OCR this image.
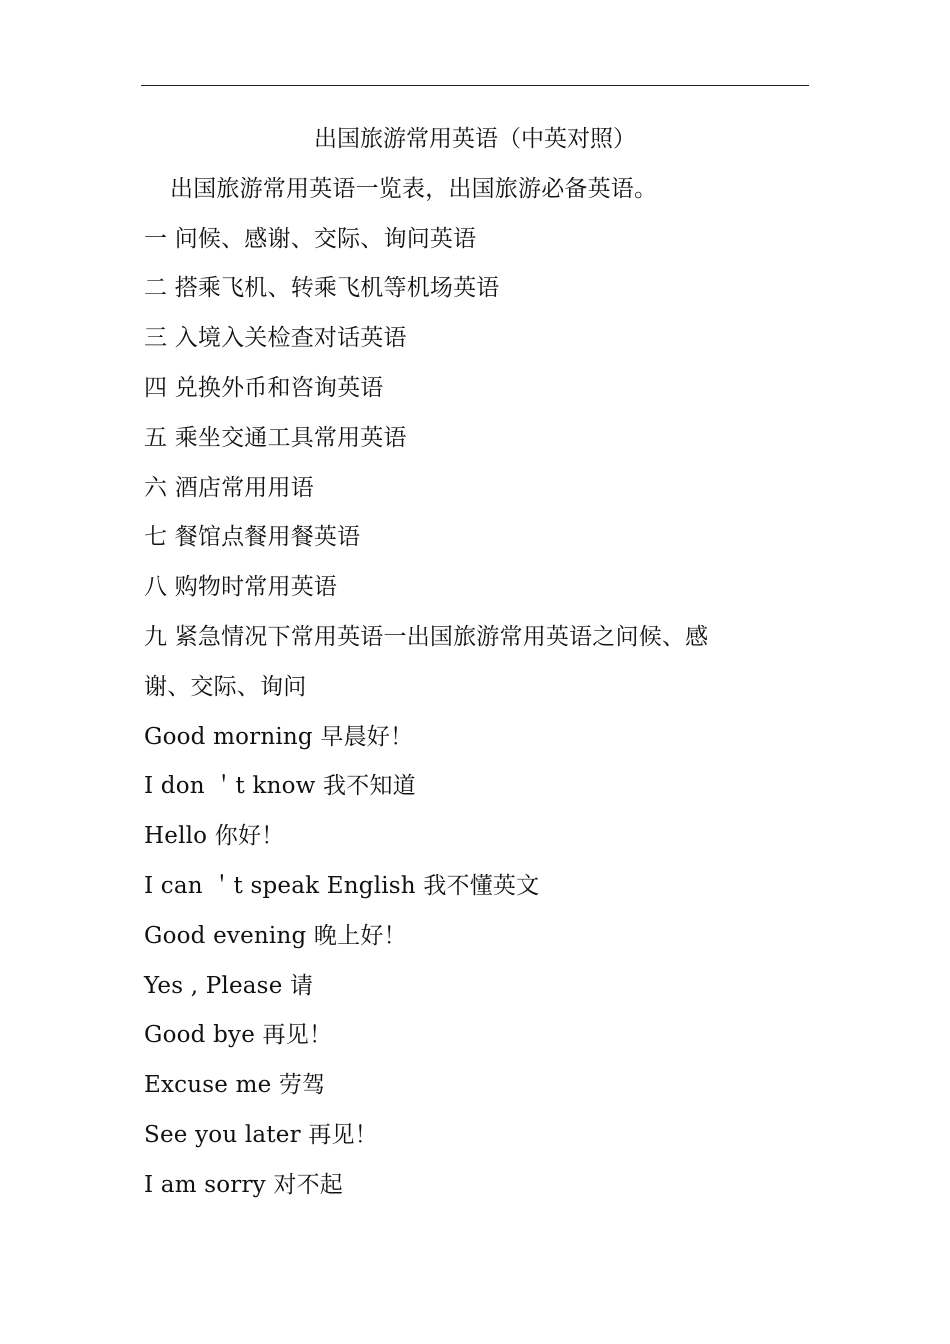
出国旅游常用英语（中英对照）
出国旅游常用英语一览表，出国旅游必备英语。
一 问候、感谢、交际、询问英语
二 搭乘飞机、转乘飞机等机场英语
三 入境入关检查对话英语
四 兑换外币和咨询英语
五 乘坐交通工具常用英语
六 酒店常用用语
七 餐馆点餐用餐英语
八 购物时常用英语
九 紧急情况下常用英语一出国旅游常用英语之问候、感
谢、交际、询问
Good morning 早晨好！
I don ＇t know 我不知道
Hello 你好！
I can ＇t speak English 我不懂英文
Good evening 晚上好！
Yes , Please 请
Good bye 再见！
Excuse me 劳驾
See you later 再见！
I am sorry 对不起
